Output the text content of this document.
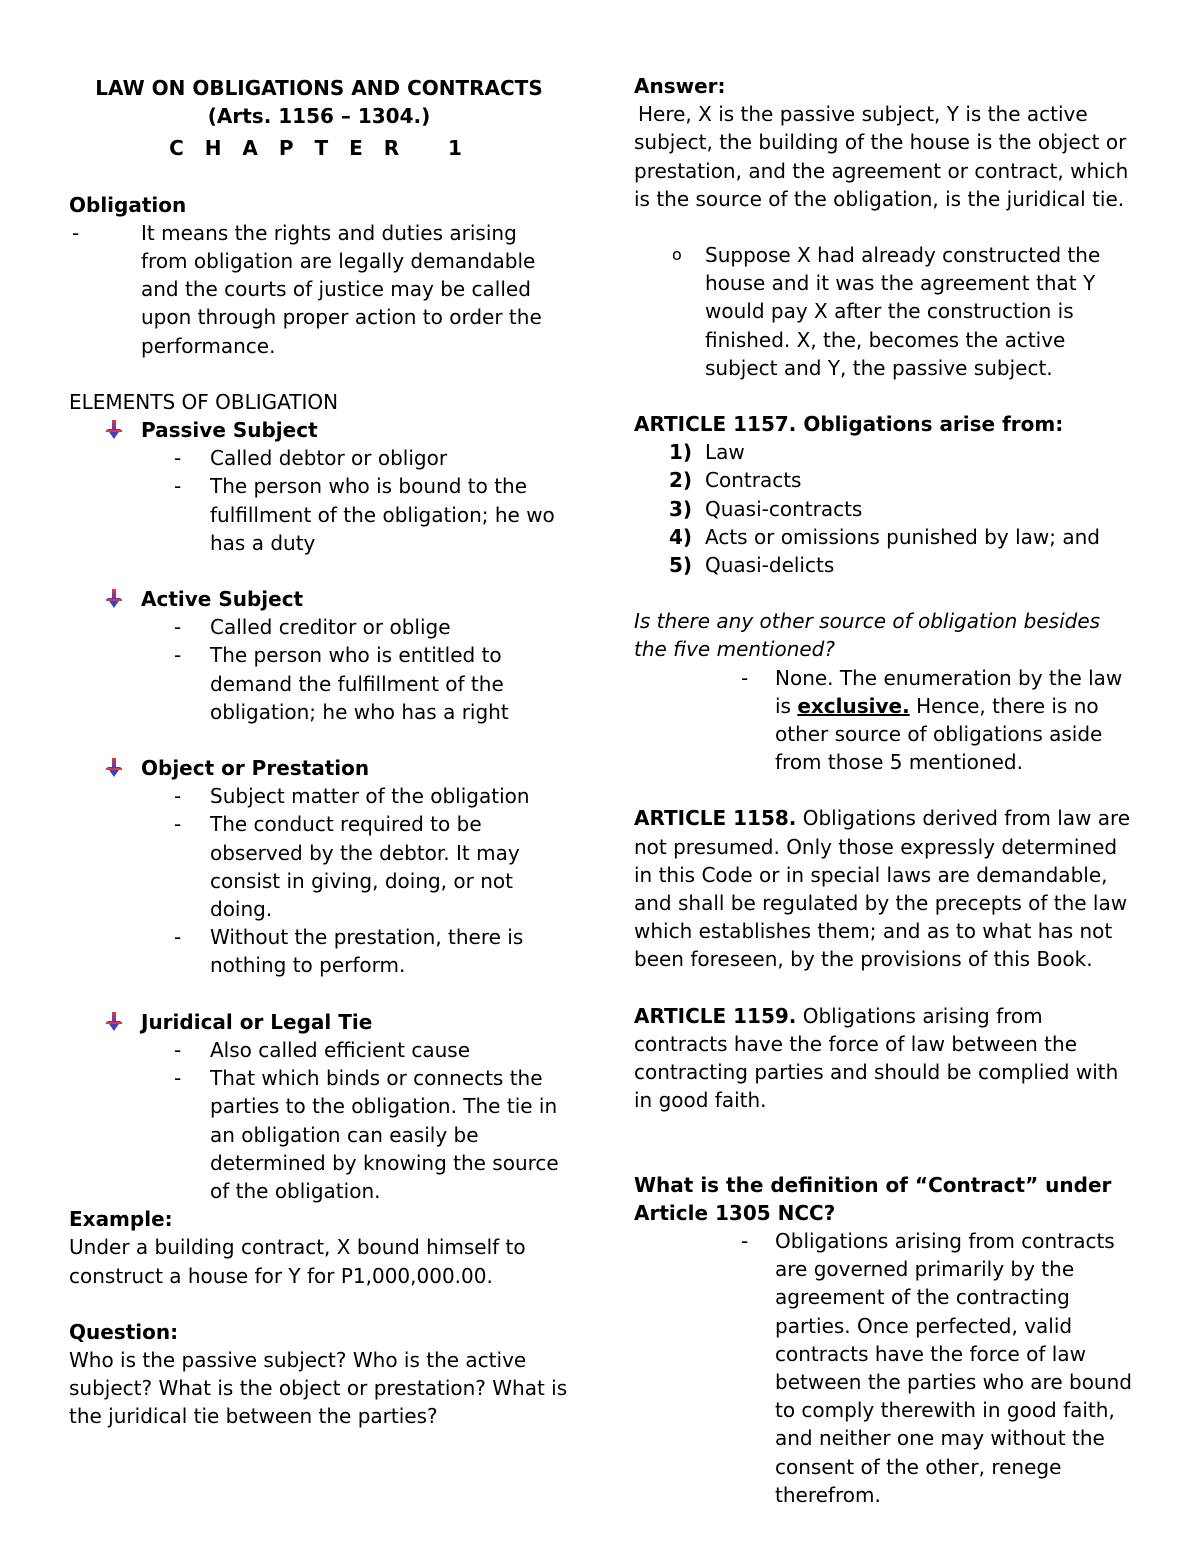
LAW ON OBLIGATIONS AND CONTRACTS

(Arts. 1156 – 1304.)

C H A P T E R   1

Obligation

- It means the rights and duties arising from obligation are legally demandable and the courts of justice may be called upon through proper action to order the performance.

ELEMENTS OF OBLIGATION

Passive Subject
- Called debtor or obligor
- The person who is bound to the fulfillment of the obligation; he wo has a duty
Active Subject
- Called creditor or oblige
- The person who is entitled to demand the fulfillment of the obligation; he who has a right
Object or Prestation
- Subject matter of the obligation
- The conduct required to be observed by the debtor. It may consist in giving, doing, or not doing.
- Without the prestation, there is nothing to perform.
Juridical or Legal Tie
- Also called efficient cause
- That which binds or connects the parties to the obligation. The tie in an obligation can easily be determined by knowing the source of the obligation.

Example:

Under a building contract, X bound himself to construct a house for Y for P1,000,000.00.

Question:

Who is the passive subject? Who is the active subject? What is the object or prestation? What is the juridical tie between the parties?

Answer:

Here, X is the passive subject, Y is the active subject, the building of the house is the object or prestation, and the agreement or contract, which is the source of the obligation, is the juridical tie.

o Suppose X had already constructed the house and it was the agreement that Y would pay X after the construction is finished. X, the, becomes the active subject and Y, the passive subject.

ARTICLE 1157. Obligations arise from:

1) Law
2) Contracts
3) Quasi-contracts
4) Acts or omissions punished by law; and
5) Quasi-delicts

Is there any other source of obligation besides the five mentioned?

- None. The enumeration by the law is exclusive. Hence, there is no other source of obligations aside from those 5 mentioned.

ARTICLE 1158. Obligations derived from law are not presumed. Only those expressly determined in this Code or in special laws are demandable, and shall be regulated by the precepts of the law which establishes them; and as to what has not been foreseen, by the provisions of this Book.

ARTICLE 1159. Obligations arising from contracts have the force of law between the contracting parties and should be complied with in good faith.

What is the definition of “Contract” under Article 1305 NCC?

- Obligations arising from contracts are governed primarily by the agreement of the contracting parties. Once perfected, valid contracts have the force of law between the parties who are bound to comply therewith in good faith, and neither one may without the consent of the other, renege therefrom.
